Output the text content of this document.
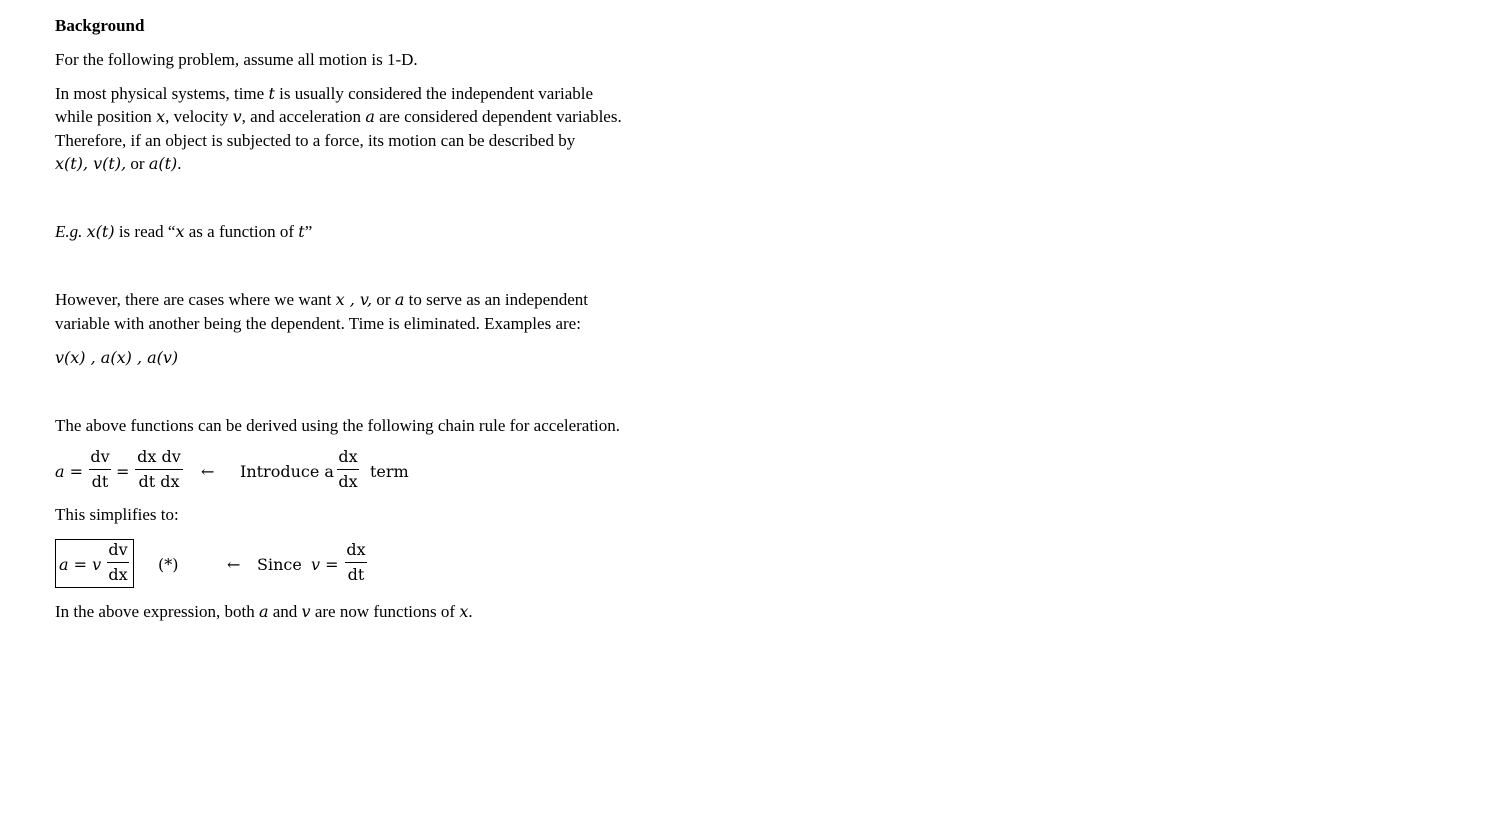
Background
For the following problem, assume all motion is 1-D.
In most physical systems, time t is usually considered the independent variable
while position x, velocity v, and acceleration a are considered dependent variables.
Therefore, if an object is subjected to a force, its motion can be described by
x(t), v(t), or a(t).
E.g. x(t) is read “x as a function of t”
However, there are cases where we want x , v, or a to serve as an independent
variable with another being the dependent. Time is eliminated. Examples are:
v(x) , a(x) , a(v)
The above functions can be derived using the following chain rule for acceleration.
a =
dv
dt
=
dx dv
dt dx
← Introduce a
dx
dx
term
This simplifies to:
a = v
dv
dx
(*)	← Since v =
dx
dt
In the above expression, both a and v are now functions of x.
